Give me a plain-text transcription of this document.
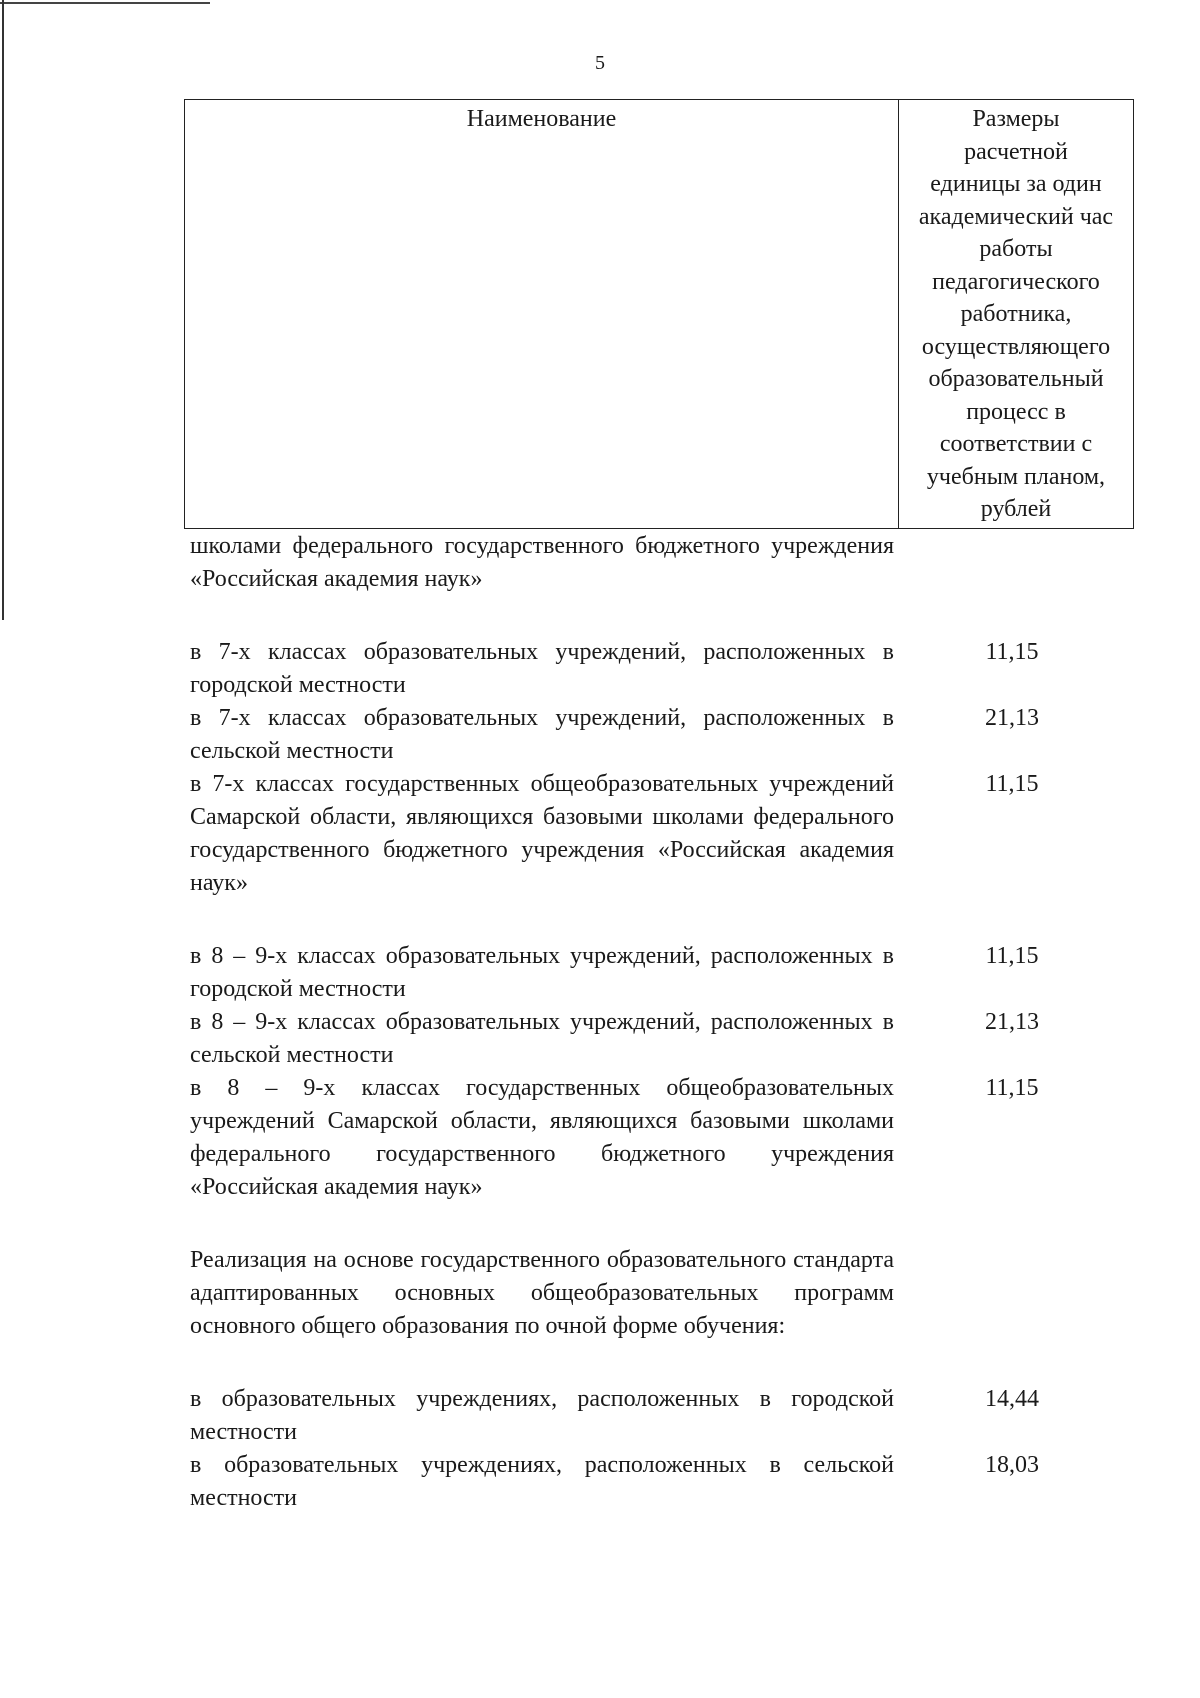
5
Наименование	Размеры
расчетной
единицы за один
академический час
работы
педагогического
работника,
осуществляющего
образовательный
процесс в
соответствии с
учебным планом,
рублей
школами федерального государственного бюджетного учреждения «Российская академия наук»
в 7-х классах образовательных учреждений, расположенных в городской местности
11,15
в 7-х классах образовательных учреждений, расположенных в сельской местности
21,13
в 7-х классах государственных общеобразовательных учреждений Самарской области, являющихся базовыми школами федерального государственного бюджетного учреждения «Российская академия наук»
11,15
в 8 – 9-х классах образовательных учреждений, расположенных в городской местности
11,15
в 8 – 9-х классах образовательных учреждений, расположенных в сельской местности
21,13
в 8 – 9-х классах государственных общеобразовательных учреждений Самарской области, являющихся базовыми школами федерального государственного бюджетного учреждения «Российская академия наук»
11,15
Реализация на основе государственного образовательного стандарта адаптированных основных общеобразовательных программ основного общего образования по очной форме обучения:
в образовательных учреждениях, расположенных в городской местности
14,44
в образовательных учреждениях, расположенных в сельской местности
18,03
